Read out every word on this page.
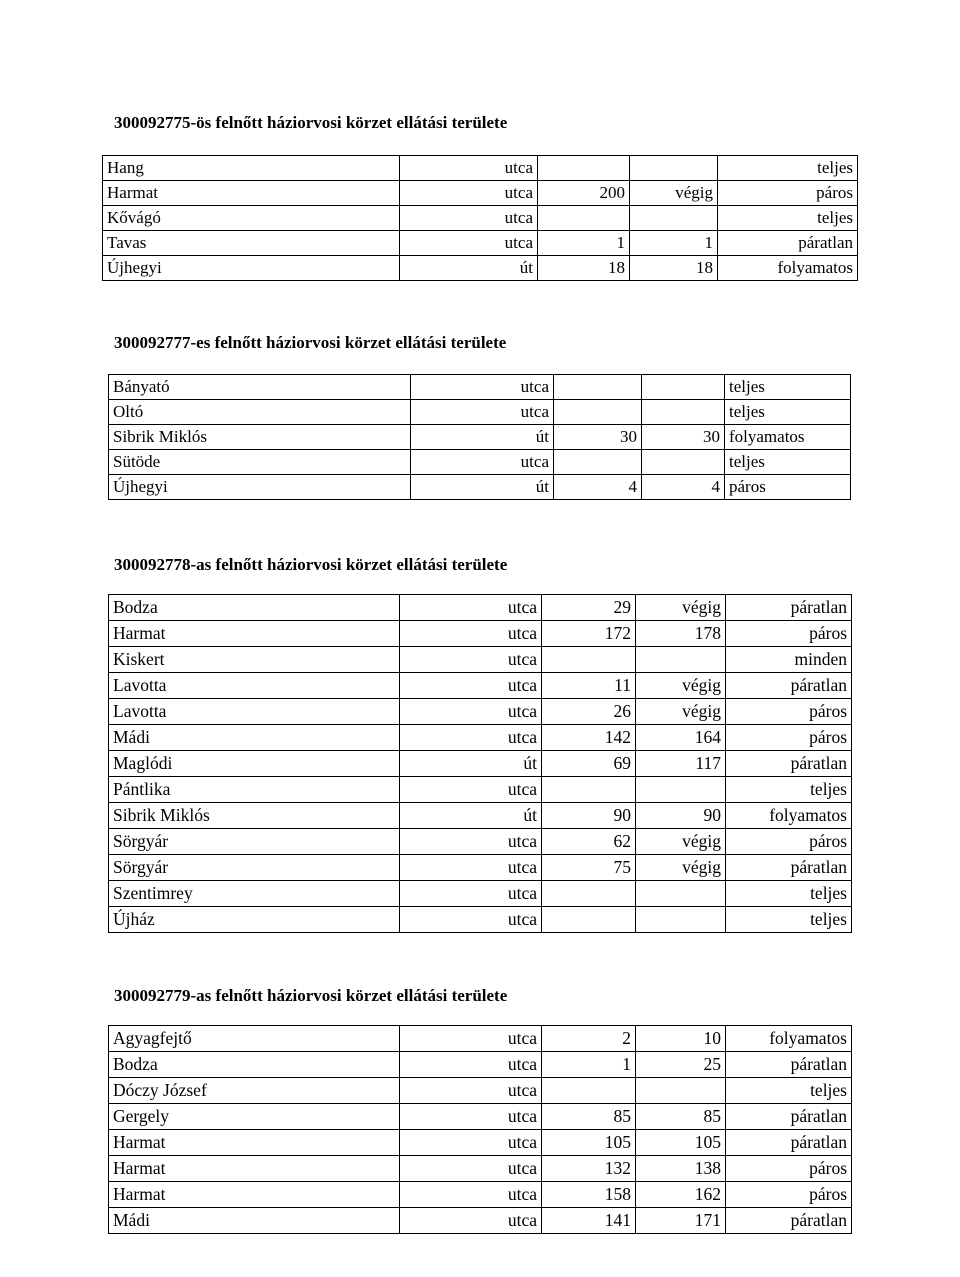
300092775-ös felnőtt háziorvosi körzet ellátási területe
Hang	utca			teljes
Harmat	utca	200	végig	páros
Kővágó	utca			teljes
Tavas	utca	1	1	páratlan
Újhegyi	út	18	18	folyamatos
300092777-es felnőtt háziorvosi körzet ellátási területe
Bányató	utca			teljes
Oltó	utca			teljes
Sibrik Miklós	út	30	30	folyamatos
Sütöde	utca			teljes
Újhegyi	út	4	4	páros
300092778-as felnőtt háziorvosi körzet ellátási területe
Bodza	utca	29	végig	páratlan
Harmat	utca	172	178	páros
Kiskert	utca			minden
Lavotta	utca	11	végig	páratlan
Lavotta	utca	26	végig	páros
Mádi	utca	142	164	páros
Maglódi	út	69	117	páratlan
Pántlika	utca			teljes
Sibrik Miklós	út	90	90	folyamatos
Sörgyár	utca	62	végig	páros
Sörgyár	utca	75	végig	páratlan
Szentimrey	utca			teljes
Újház	utca			teljes
300092779-as felnőtt háziorvosi körzet ellátási területe
Agyagfejtő	utca	2	10	folyamatos
Bodza	utca	1	25	páratlan
Dóczy József	utca			teljes
Gergely	utca	85	85	páratlan
Harmat	utca	105	105	páratlan
Harmat	utca	132	138	páros
Harmat	utca	158	162	páros
Mádi	utca	141	171	páratlan
